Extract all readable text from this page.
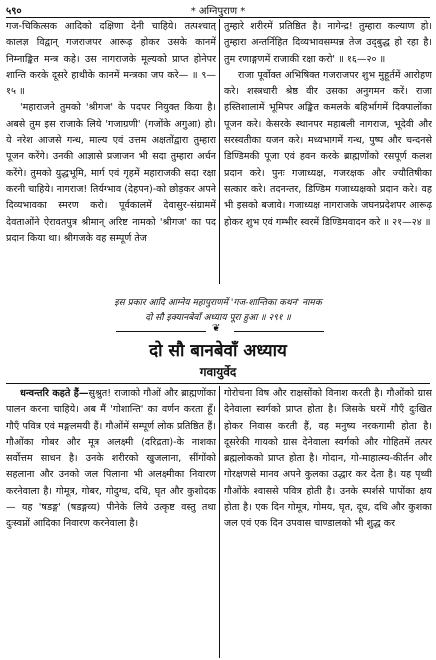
५९०	* अग्निपुराण *

गज-चिकित्सक आदिको दक्षिणा देनी चाहिये। तत्पश्चात् कालज्ञ विद्वान् गजराजपर आरूढ़ होकर उसके कानमें निम्नाङ्कित मन्त्र कहे। उस नागराजके मूल्यको प्राप्त होनेपर शान्ति करके दूसरे हाथीके कानमें मन्त्रका जप करे— ॥ ९—१५ ॥

'महाराजने तुमको 'श्रीगज' के पदपर नियुक्त किया है। अबसे तुम इस राजाके लिये 'गजाग्रणी' (गजोंके अगुआ) हो। ये नरेश आजसे गन्ध, माल्य एवं उत्तम अक्षतोंद्वारा तुम्हारा पूजन करेंगे। उनकी आज्ञासे प्रजाजन भी सदा तुम्हारा अर्चन करेंगे। तुमको युद्धभूमि, मार्ग एवं गृहमें महाराजकी सदा रक्षा करनी चाहिये। नागराज! तिर्यग्भाव (देहपन)-को छोड़कर अपने दिव्यभावका स्मरण करो। पूर्वकालमें देवासुर-संग्राममें देवताओंने ऐरावतपुत्र श्रीमान् अरिष्ट नामको 'श्रीगज' का पद प्रदान किया था। श्रीगजके वह सम्पूर्ण तेज

तुम्हारे शरीरमें प्रतिष्ठित है। नागेन्द्र! तुम्हारा कल्याण हो। तुम्हारा अन्तर्निहित दिव्यभावसम्पन्न तेज उद्‌बुद्ध हो रहा है। तुम रणाङ्गणमें राजाकी रक्षा करो' ॥ १६—२० ॥

राजा पूर्वोक्त अभिषिक्त गजराजपर शुभ मुहूर्तमें आरोहण करे। शस्त्रधारी श्रेष्ठ वीर उसका अनुगमन करें। राजा हस्तिशालामें भूमिपर अङ्कित कमलके बहिर्भागमें दिक्पालोंका पूजन करे। केसरके स्थानपर महाबली नागराज, भूदेवी और सरस्वतीका यजन करे। मध्यभागमें गन्ध, पुष्प और चन्दनसे डिण्डिमकी पूजा एवं हवन करके ब्राह्मणोंको रसपूर्ण कलश प्रदान करे। पुनः गजाध्यक्ष, गजरक्षक और ज्यौतिषीका सत्कार करे। तदनन्तर, डिण्डिम गजाध्यक्षको प्रदान करे। वह भी इसको बजावे। गजाध्यक्ष नागराजके जघनप्रदेशपर आरूढ़ होकर शुभ एवं गम्भीर स्वरमें डिण्डिमवादन करे ॥ २१—२४ ॥

इस प्रकार आदि आग्नेय महापुराणमें 'गज-शान्तिका कथन' नामक
दो सौ इक्यानबेवाँ अध्याय पूरा हुआ ॥ २९१ ॥
❦
दो सौ बानबेवाँ अध्याय
गवायुर्वेद

धन्वन्तरि कहते हैं—सुश्रुत! राजाको गौओं और ब्राह्मणोंका पालन करना चाहिये। अब मैं 'गोशान्ति' का वर्णन करता हूँ। गौएँ पवित्र एवं मङ्गलमयी हैं। गौओंमें सम्पूर्ण लोक प्रतिष्ठित हैं। गौओंका गोबर और मूत्र अलक्ष्मी (दरिद्रता)-के नाशका सर्वोत्तम साधन है। उनके शरीरको खुजलाना, सींगोंको सहलाना और उनको जल पिलाना भी अलक्ष्मीका निवारण करनेवाला है। गोमूत्र, गोबर, गोदुग्ध, दधि, घृत और कुशोदक— यह 'षडङ्ग' (षडङ्गव्य) पीनेके लिये उत्कृष्ट वस्तु तथा दुःस्वप्नों आदिका निवारण करनेवाला है।

गोरोचना विष और राक्षसोंको विनाश करती है। गौओंको ग्रास देनेवाला स्वर्गको प्राप्त होता है। जिसके घरमें गौएँ दुःखित होकर निवास करती हैं, वह मनुष्य नरकगामी होता है। दूसरेकी गायको ग्रास देनेवाला स्वर्गको और गोहितमें तत्पर ब्रह्मलोकको प्राप्त होता है। गोदान, गो-माहात्म्य-कीर्तन और गोरक्षणसे मानव अपने कुलका उद्धार कर देता है। यह पृथ्वी गौओंके श्वाससे पवित्र होती है। उनके स्पर्शसे पापोंका क्षय होता है। एक दिन गोमूत्र, गोमय, घृत, दूध, दधि और कुशका जल एवं एक दिन उपवास चाण्डालको भी शुद्ध कर
